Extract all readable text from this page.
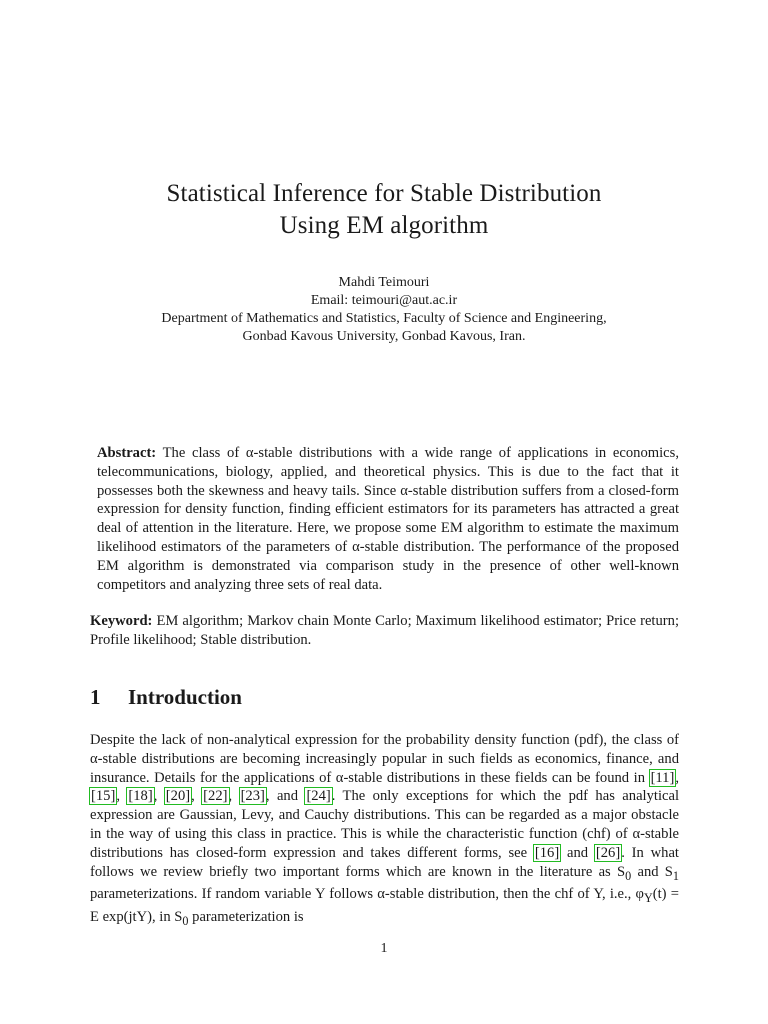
Statistical Inference for Stable Distribution
Using EM algorithm
Mahdi Teimouri
Email: teimouri@aut.ac.ir
Department of Mathematics and Statistics, Faculty of Science and Engineering,
Gonbad Kavous University, Gonbad Kavous, Iran.
Abstract: The class of α-stable distributions with a wide range of applications in economics, telecommunications, biology, applied, and theoretical physics. This is due to the fact that it possesses both the skewness and heavy tails. Since α-stable distribution suffers from a closed-form expression for density function, finding efficient estimators for its parameters has attracted a great deal of attention in the literature. Here, we propose some EM algorithm to estimate the maximum likelihood estimators of the parameters of α-stable distribution. The performance of the proposed EM algorithm is demonstrated via comparison study in the presence of other well-known competitors and analyzing three sets of real data.
Keyword: EM algorithm; Markov chain Monte Carlo; Maximum likelihood estimator; Price return; Profile likelihood; Stable distribution.
1 Introduction
Despite the lack of non-analytical expression for the probability density function (pdf), the class of α-stable distributions are becoming increasingly popular in such fields as economics, finance, and insurance. Details for the applications of α-stable distributions in these fields can be found in [11], [15], [18], [20], [22], [23], and [24]. The only exceptions for which the pdf has analytical expression are Gaussian, Levy, and Cauchy distributions. This can be regarded as a major obstacle in the way of using this class in practice. This is while the characteristic function (chf) of α-stable distributions has closed-form expression and takes different forms, see [16] and [26]. In what follows we review briefly two important forms which are known in the literature as $S_0$ and $S_1$ parameterizations. If random variable Y follows α-stable distribution, then the chf of Y, i.e., $\varphi_Y(t) = E$ exp(jtY), in $S_0$ parameterization is
1
